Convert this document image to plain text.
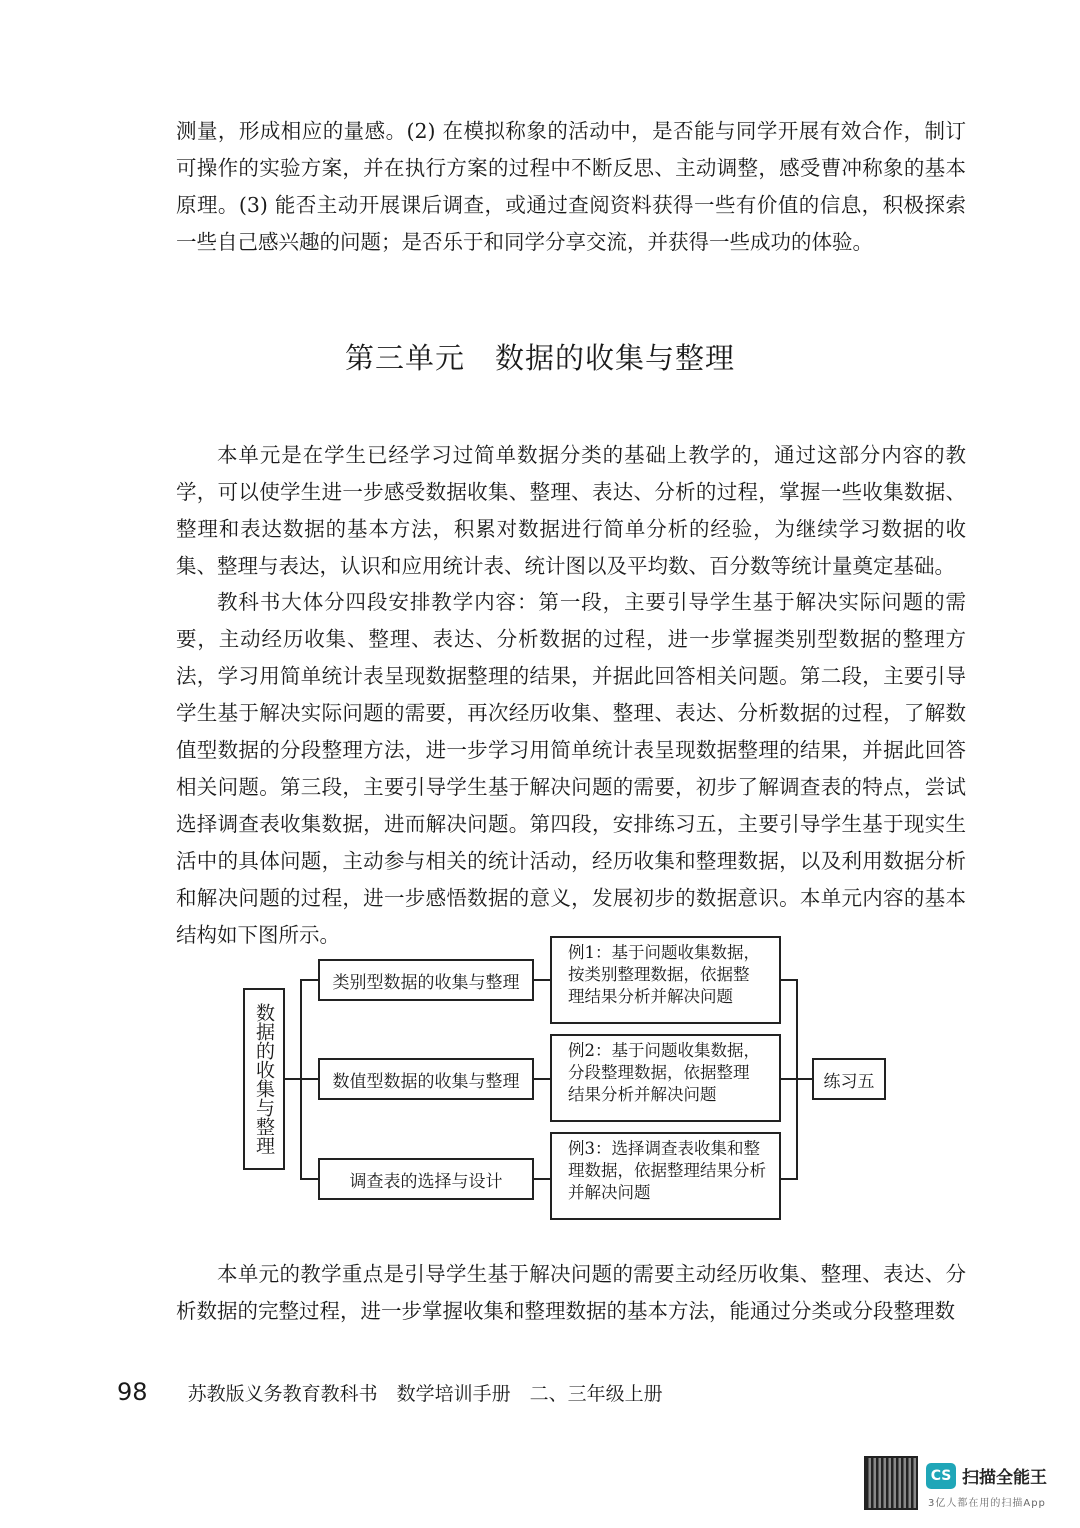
测量，形成相应的量感。(2) 在模拟称象的活动中，是否能与同学开展有效合作，制订可操作的实验方案，并在执行方案的过程中不断反思、主动调整，感受曹冲称象的基本原理。(3) 能否主动开展课后调查，或通过查阅资料获得一些有价值的信息，积极探索一些自己感兴趣的问题；是否乐于和同学分享交流，并获得一些成功的体验。

第三单元　数据的收集与整理

本单元是在学生已经学习过简单数据分类的基础上教学的，通过这部分内容的教学，可以使学生进一步感受数据收集、整理、表达、分析的过程，掌握一些收集数据、整理和表达数据的基本方法，积累对数据进行简单分析的经验，为继续学习数据的收集、整理与表达，认识和应用统计表、统计图以及平均数、百分数等统计量奠定基础。

教科书大体分四段安排教学内容：第一段，主要引导学生基于解决实际问题的需要，主动经历收集、整理、表达、分析数据的过程，进一步掌握类别型数据的整理方法，学习用简单统计表呈现数据整理的结果，并据此回答相关问题。第二段，主要引导学生基于解决实际问题的需要，再次经历收集、整理、表达、分析数据的过程，了解数值型数据的分段整理方法，进一步学习用简单统计表呈现数据整理的结果，并据此回答相关问题。第三段，主要引导学生基于解决问题的需要，初步了解调查表的特点，尝试选择调查表收集数据，进而解决问题。第四段，安排练习五，主要引导学生基于现实生活中的具体问题，主动参与相关的统计活动，经历收集和整理数据，以及利用数据分析和解决问题的过程，进一步感悟数据的意义，发展初步的数据意识。本单元内容的基本结构如下图所示。

数据的收集与整理
类别型数据的收集与整理
数值型数据的收集与整理
调查表的选择与设计
例1：基于问题收集数据，
按类别整理数据，依据整
理结果分析并解决问题
例2：基于问题收集数据，
分段整理数据，依据整理
结果分析并解决问题
例3：选择调查表收集和整
理数据，依据整理结果分析
并解决问题
练习五

本单元的教学重点是引导学生基于解决问题的需要主动经历收集、整理、表达、分析数据的完整过程，进一步掌握收集和整理数据的基本方法，能通过分类或分段整理数

98 苏教版义务教育教科书　数学培训手册　二、三年级上册
CS 扫描全能王
3亿人都在用的扫描App
